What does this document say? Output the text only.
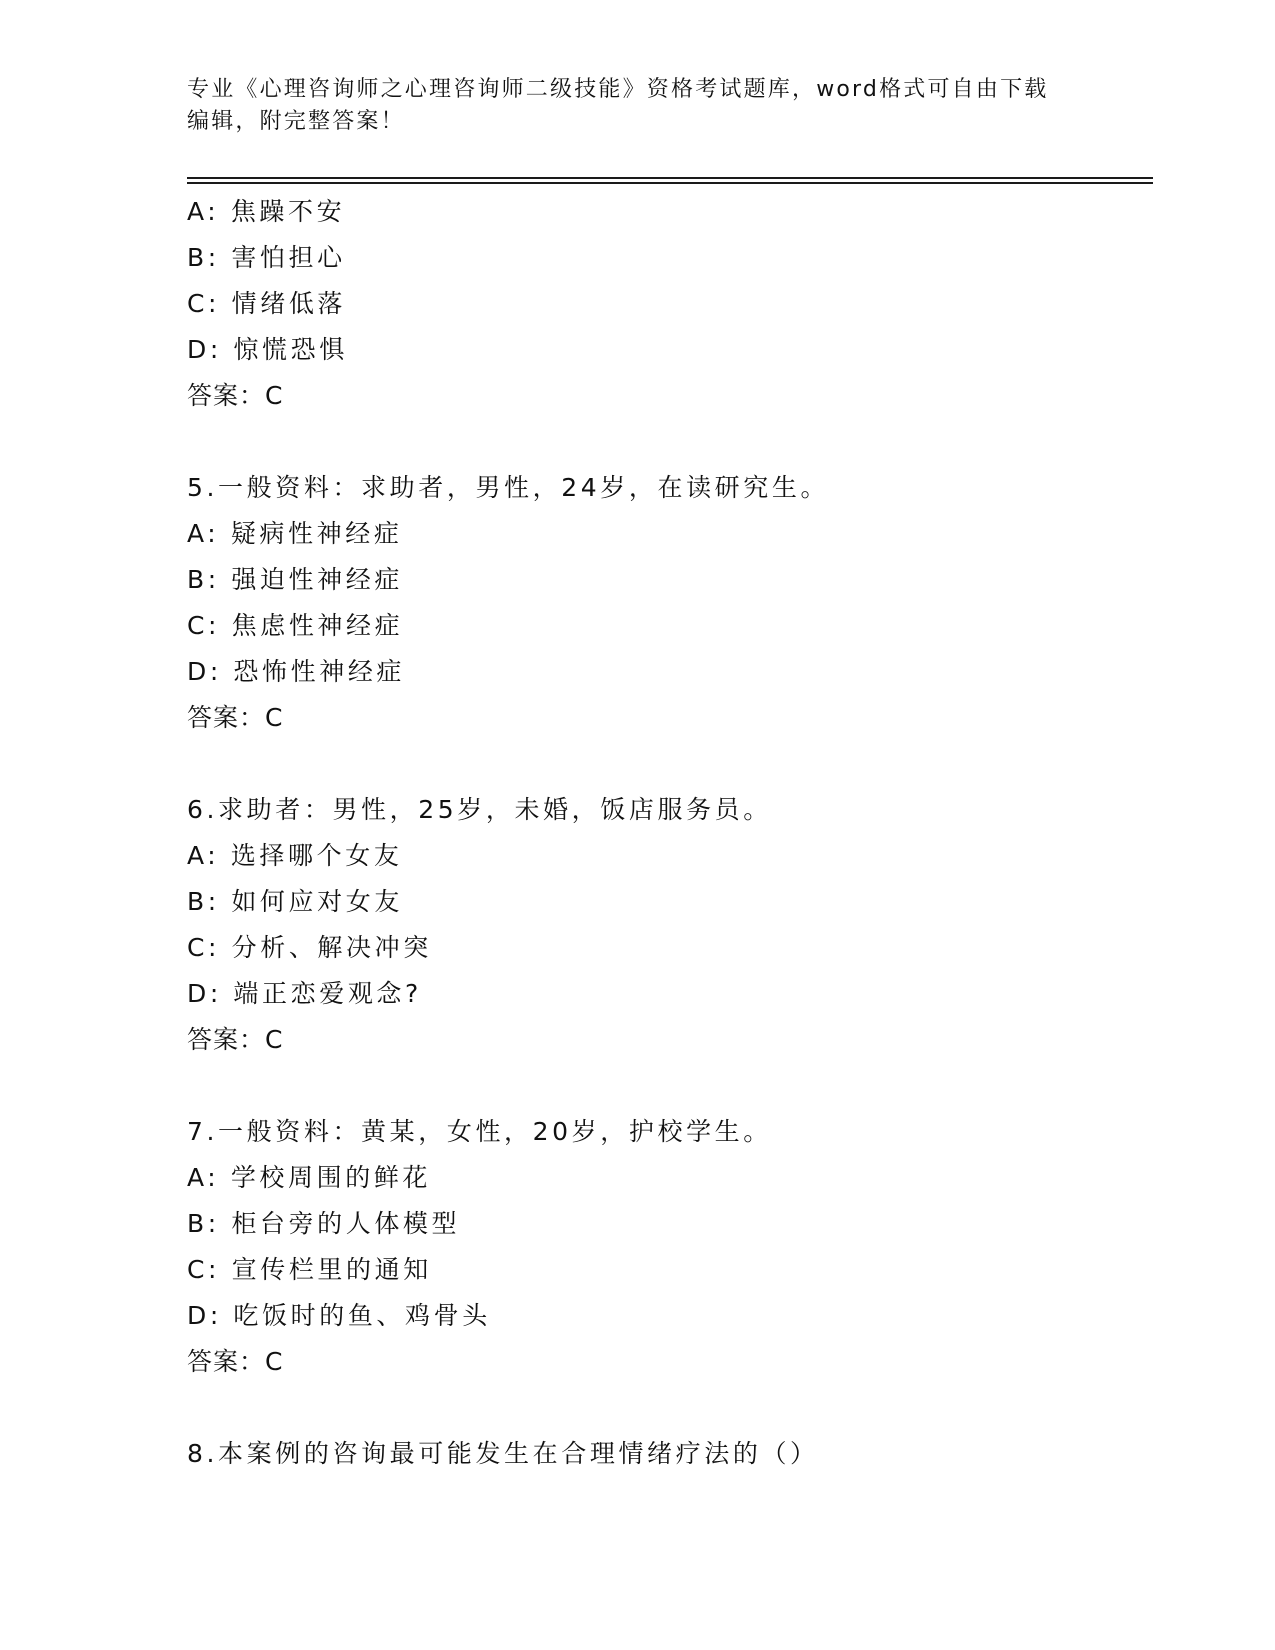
专业《心理咨询师之心理咨询师二级技能》资格考试题库，word格式可自由下载
编辑，附完整答案！
A: 焦躁不安
B: 害怕担心
C: 情绪低落
D: 惊慌恐惧
答案：C
5.一般资料：求助者，男性，24岁，在读研究生。
A: 疑病性神经症
B: 强迫性神经症
C: 焦虑性神经症
D: 恐怖性神经症
答案：C
6.求助者：男性，25岁，未婚，饭店服务员。
A: 选择哪个女友
B: 如何应对女友
C: 分析、解决冲突
D: 端正恋爱观念?
答案：C
7.一般资料：黄某，女性，20岁，护校学生。
A: 学校周围的鲜花
B: 柜台旁的人体模型
C: 宣传栏里的通知
D: 吃饭时的鱼、鸡骨头
答案：C
8.本案例的咨询最可能发生在合理情绪疗法的（）
